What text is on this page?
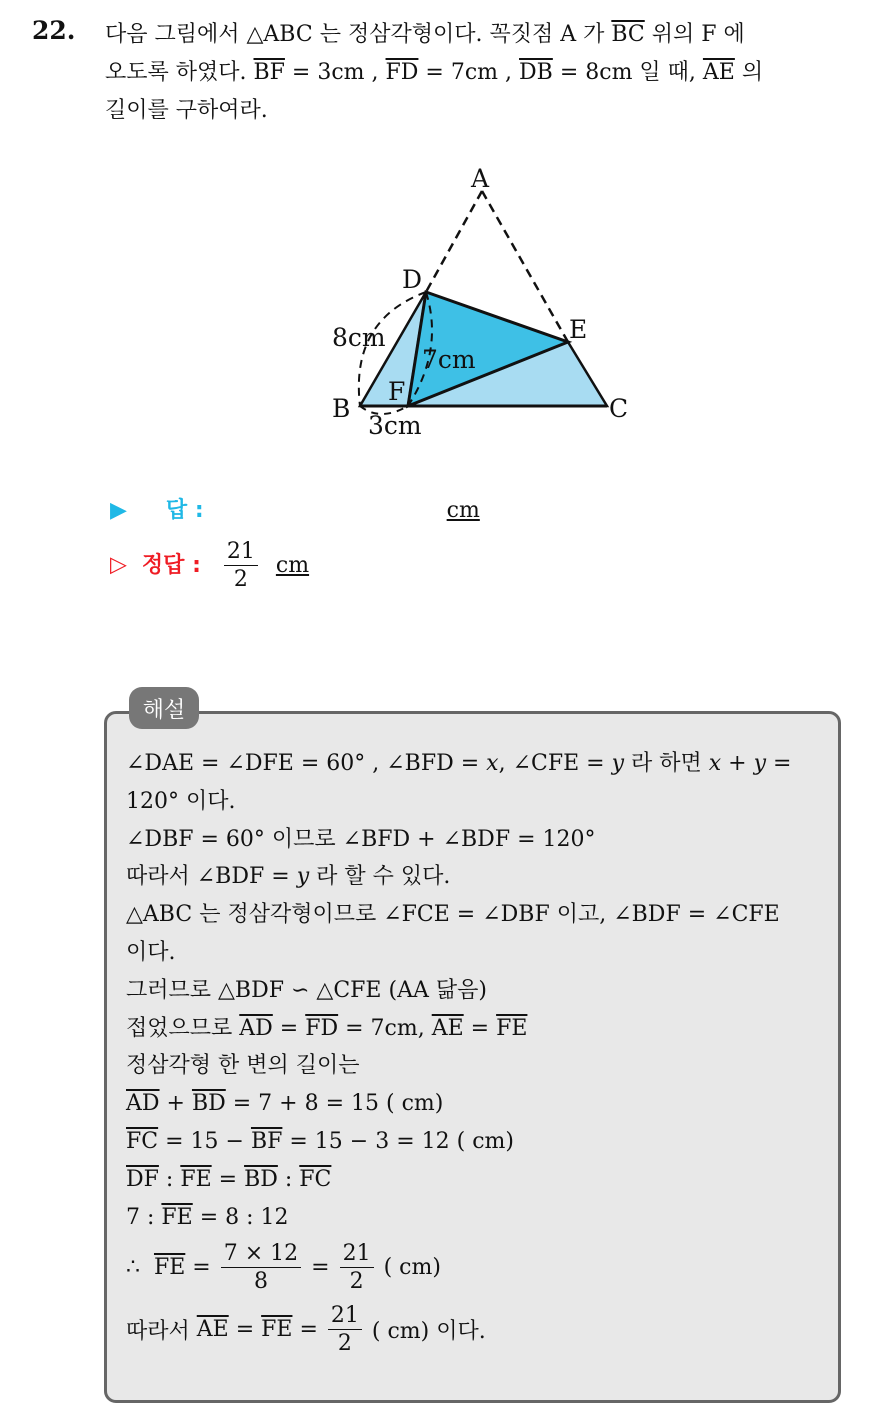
22. 다음 그림에서 △ABC 는 정삼각형이다. 꼭짓점 A 가 $\overline{BC}$ 위의 F 에
오도록 하였다. $\overline{BF} = 3cm$ , $\overline{FD} = 7cm$ , $\overline{DB} = 8cm$ 일 때, $\overline{AE}$ 의
길이를 구하여라.
A
D
E
B	C
F
8cm
7cm
3cm
▶ 답 :	cm
▷ 정답 : $\frac{21}{2}$ cm
해설
∠DAE = ∠DFE = 60° , ∠BFD = x, ∠CFE = y 라 하면 x + y =
120° 이다.
∠DBF = 60° 이므로 ∠BFD + ∠BDF = 120°
따라서 ∠BDF = y 라 할 수 있다.
△ABC 는 정삼각형이므로 ∠FCE = ∠DBF 이고, ∠BDF = ∠CFE
이다.
그러므로 △BDF ∽ △CFE (AA 닮음)
접었으므로 $\overline{AD} = \overline{FD} = 7cm$, $\overline{AE} = \overline{FE}$
정삼각형 한 변의 길이는
$\overline{AD} + \overline{BD} = 7 + 8 = 15$ ( cm)
$\overline{FC} = 15 - \overline{BF} = 15 - 3 = 12$ ( cm)
$\overline{DF}$ : $\overline{FE} = \overline{BD}$ : $\overline{FC}$
7 : $\overline{FE} = 8$ : 12
∴ $\overline{FE} = \frac{7 \times 12}{8} = \frac{21}{2}$ ( cm)
따라서 $\overline{AE} = \overline{FE} = \frac{21}{2}$ ( cm) 이다.
